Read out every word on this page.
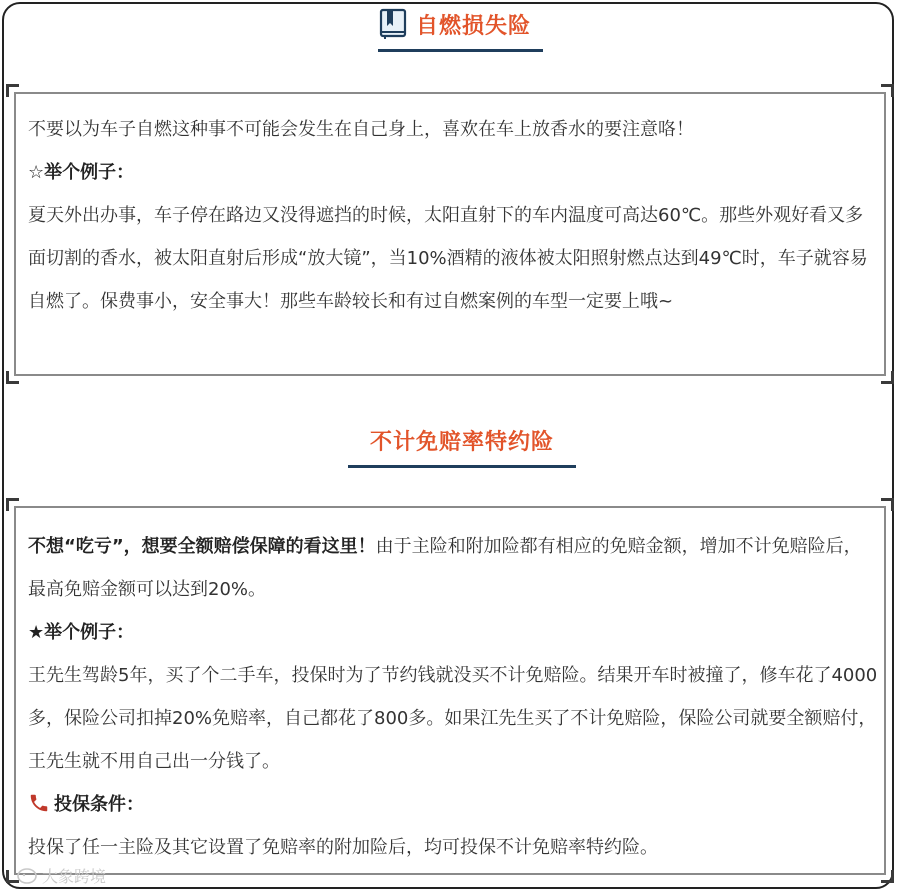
自燃损失险

不要以为车子自燃这种事不可能会发生在自己身上，喜欢在车上放香水的要注意咯！

☆举个例子：

夏天外出办事，车子停在路边又没得遮挡的时候，太阳直射下的车内温度可高达60℃。那些外观好看又多面切割的香水，被太阳直射后形成“放大镜”，当10%酒精的液体被太阳照射燃点达到49℃时，车子就容易自燃了。保费事小，安全事大！那些车龄较长和有过自燃案例的车型一定要上哦~

不计免赔率特约险

不想“吃亏”，想要全额赔偿保障的看这里！由于主险和附加险都有相应的免赔金额，增加不计免赔险后，最高免赔金额可以达到20%。

★举个例子：

王先生驾龄5年，买了个二手车，投保时为了节约钱就没买不计免赔险。结果开车时被撞了，修车花了4000多，保险公司扣掉20%免赔率，自己都花了800多。如果江先生买了不计免赔险，保险公司就要全额赔付，王先生就不用自己出一分钱了。

投保条件：

投保了任一主险及其它设置了免赔率的附加险后，均可投保不计免赔率特约险。

大象跨境
